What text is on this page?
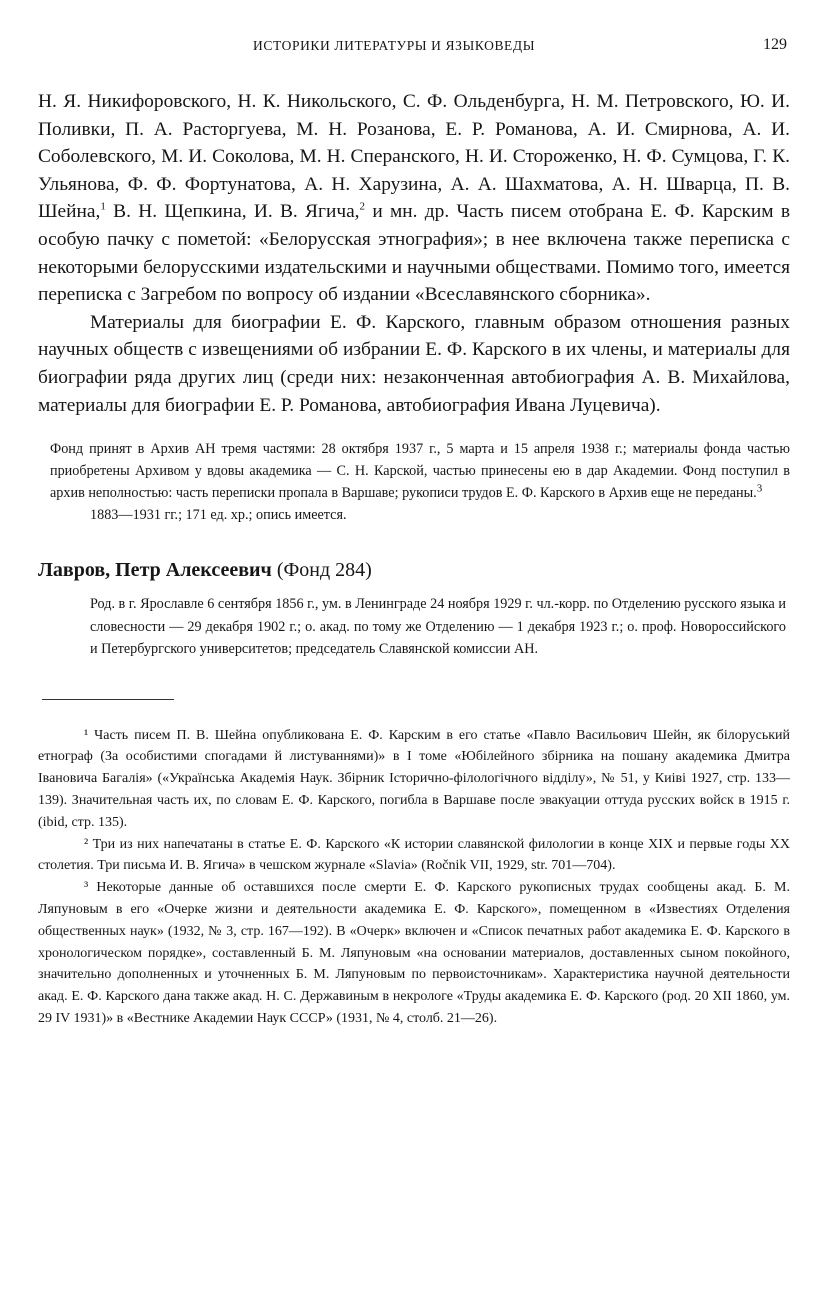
ИСТОРИКИ ЛИТЕРАТУРЫ И ЯЗЫКОВЕДЫ	129

Н. Я. Никифоровского, Н. К. Никольского, С. Ф. Ольденбурга, Н. М. Петровского, Ю. И. Поливки, П. А. Расторгуева, М. Н. Розанова, Е. Р. Романова, А. И. Смирнова, А. И. Соболевского, М. И. Соколова, М. Н. Сперанского, Н. И. Стороженко, Н. Ф. Сумцова, Г. К. Ульянова, Ф. Ф. Фортунатова, А. Н. Харузина, А. А. Шахматова, А. Н. Шварца, П. В. Шейна,$^1$ В. Н. Щепкина, И. В. Ягича,$^2$ и мн. др. Часть писем отобрана Е. Ф. Карским в особую пачку с пометой: «Белорусская этнография»; в нее включена также переписка с некоторыми белорусскими издательскими и научными обществами. Помимо того, имеется переписка с Загребом по вопросу об издании «Всеславянского сборника».

Материалы для биографии Е. Ф. Карского, главным образом отношения разных научных обществ с извещениями об избрании Е. Ф. Карского в их члены, и материалы для биографии ряда других лиц (среди них: незаконченная автобиография А. В. Михайлова, материалы для биографии Е. Р. Романова, автобиография Ивана Луцевича).

Фонд принят в Архив АН тремя частями: 28 октября 1937 г., 5 марта и 15 апреля 1938 г.; материалы фонда частью приобретены Архивом у вдовы академика — С. Н. Карской, частью принесены ею в дар Академии. Фонд поступил в архив неполностью: часть переписки пропала в Варшаве; рукописи трудов Е. Ф. Карского в Архив еще не переданы.$^3$

1883—1931 гг.; 171 ед. хр.; опись имеется.

Лавров, Петр Алексеевич (Фонд 284)
Род. в г. Ярославле 6 сентября 1856 г., ум. в Ленинграде 24 ноября 1929 г. чл.-корр. по Отделению русского языка и словесности — 29 декабря 1902 г.; о. акад. по тому же Отделению — 1 декабря 1923 г.; о. проф. Новороссийского и Петербургского университетов; председатель Славянской комиссии АН.

¹ Часть писем П. В. Шейна опубликована Е. Ф. Карским в его статье «Павло Васильович Шейн, як білоруський етнограф (За особистими спогадами й листуваннями)» в I томе «Юбілейного збірника на пошану академика Дмитра Івановича Багалія» («Українська Академія Наук. Збірник Історично-філологічного відділу», № 51, у Киіві 1927, стр. 133—139). Значительная часть их, по словам Е. Ф. Карского, погибла в Варшаве после эвакуации оттуда русских войск в 1915 г. (ibid, стр. 135).

² Три из них напечатаны в статье Е. Ф. Карского «К истории славянской филологии в конце XIX и первые годы XX столетия. Три письма И. В. Ягича» в чешском журнале «Slavia» (Ročnik VII, 1929, str. 701—704).

³ Некоторые данные об оставшихся после смерти Е. Ф. Карского рукописных трудах сообщены акад. Б. М. Ляпуновым в его «Очерке жизни и деятельности академика Е. Ф. Карского», помещенном в «Известиях Отделения общественных наук» (1932, № 3, стр. 167—192). В «Очерк» включен и «Список печатных работ академика Е. Ф. Карского в хронологическом порядке», составленный Б. М. Ляпуновым «на основании материалов, доставленных сыном покойного, значительно дополненных и уточненных Б. М. Ляпуновым по первоисточникам». Характеристика научной деятельности акад. Е. Ф. Карского дана также акад. Н. С. Державиным в некрологе «Труды академика Е. Ф. Карского (род. 20 XII 1860, ум. 29 IV 1931)» в «Вестнике Академии Наук СССР» (1931, № 4, столб. 21—26).
